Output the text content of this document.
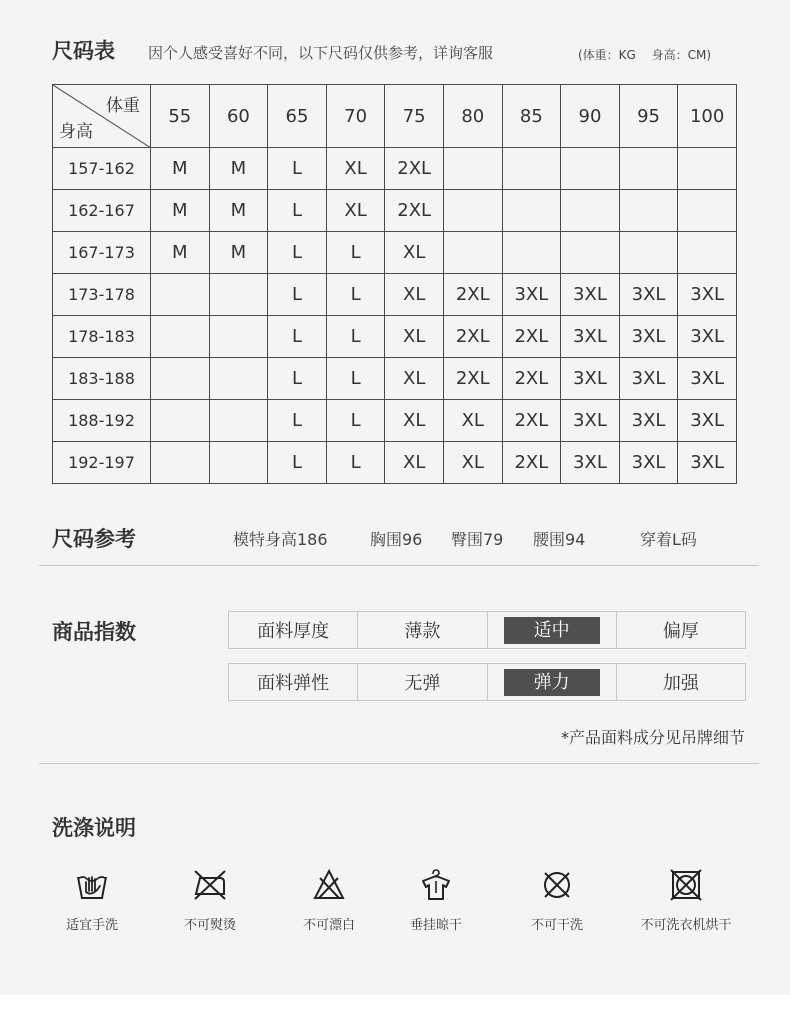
尺码表 因个人感受喜好不同，以下尺码仅供参考，详询客服	(体重：KG　 身高：CM)
体重
身高	55	60	65	70	75	80	85	90	95	100
157-162	M	M	L	XL	2XL					
162-167	M	M	L	XL	2XL					
167-173	M	M	L	L	XL					
173-178			L	L	XL	2XL	3XL	3XL	3XL	3XL
178-183			L	L	XL	2XL	2XL	3XL	3XL	3XL
183-188			L	L	XL	2XL	2XL	3XL	3XL	3XL
188-192			L	L	XL	XL	2XL	3XL	3XL	3XL
192-197			L	L	XL	XL	2XL	3XL	3XL	3XL
尺码参考	模特身高186	胸围96 臀围79 腰围94	穿着L码
商品指数	面料厚度	薄款	适中	偏厚
面料弹性	无弹	弹力	加强
*产品面料成分见吊牌细节
洗涤说明
适宜手洗	不可熨烫	不可漂白	垂挂晾干	不可干洗	不可洗衣机烘干
